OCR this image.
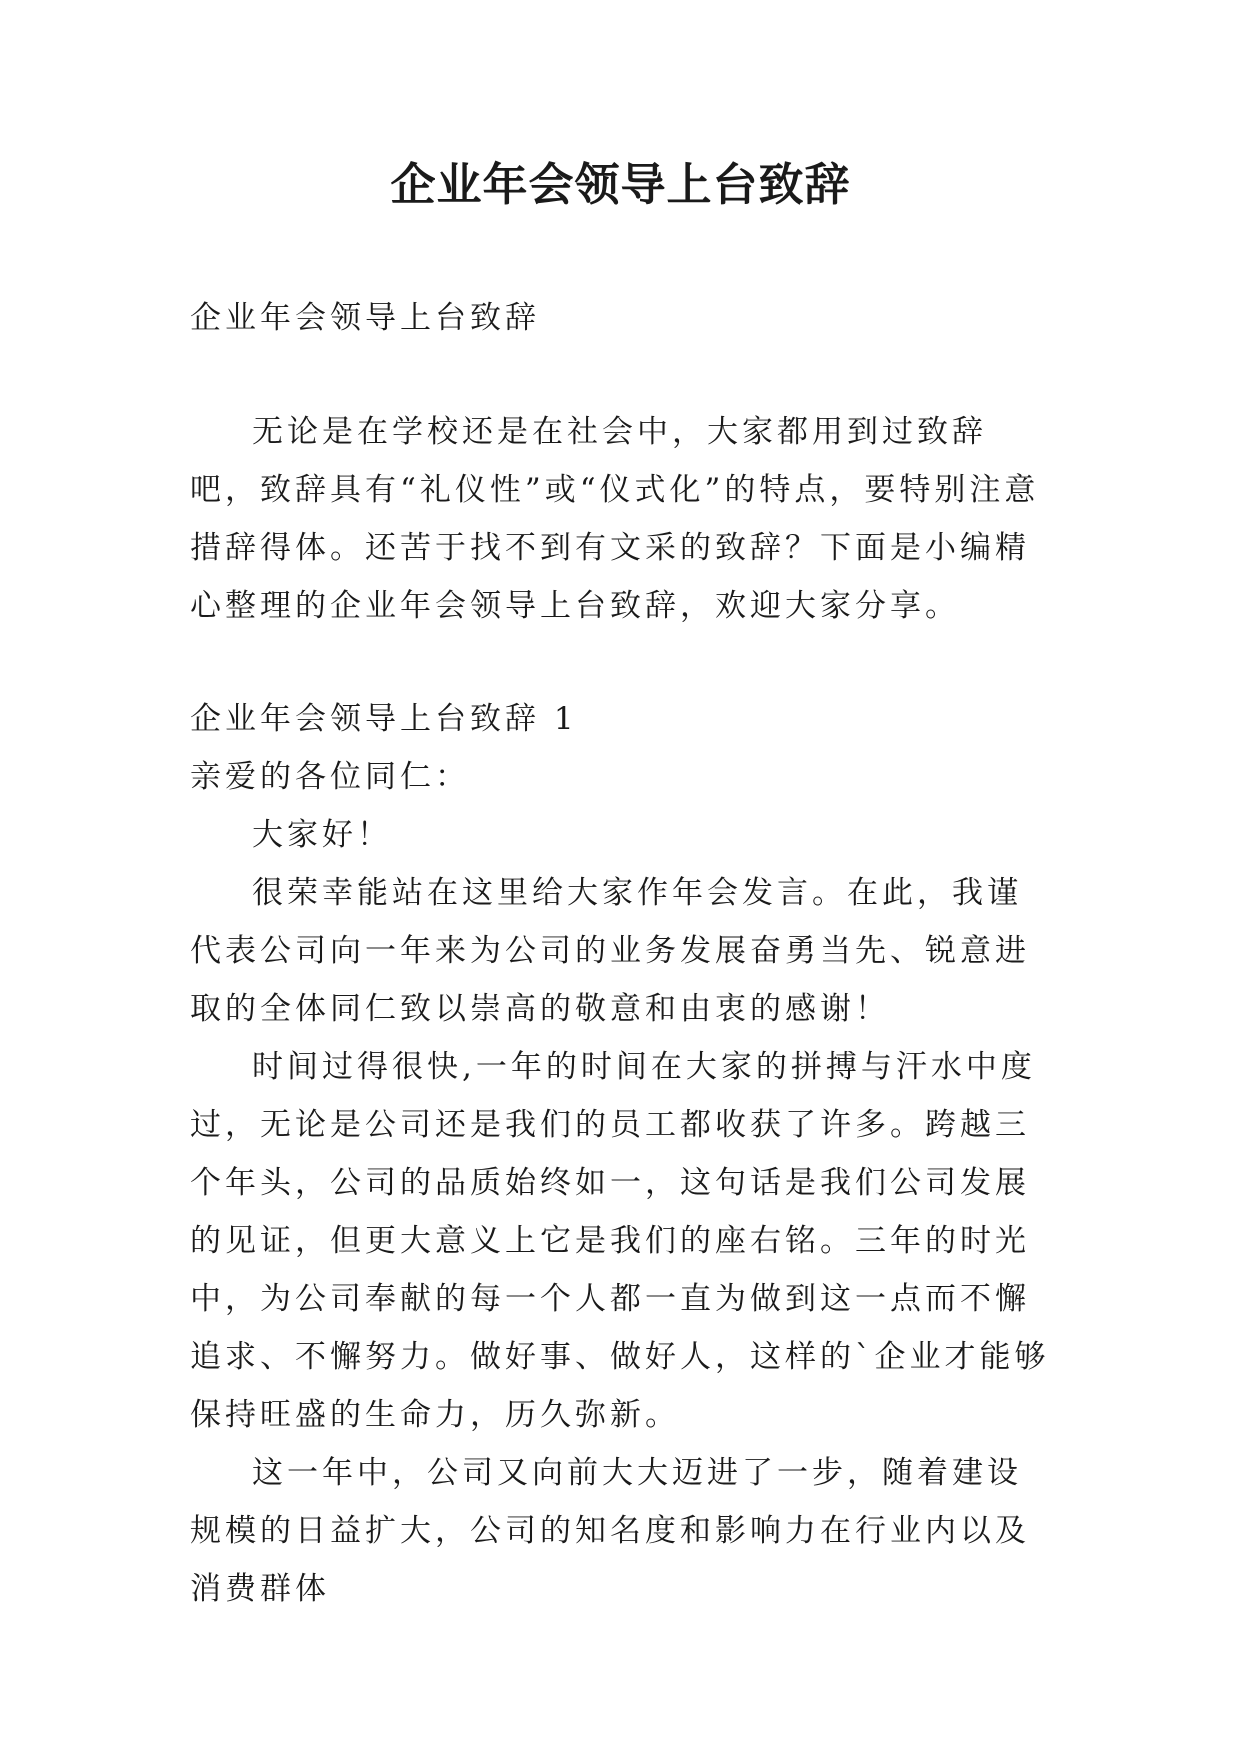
企业年会领导上台致辞

企业年会领导上台致辞

无论是在学校还是在社会中，大家都用到过致辞吧，致辞具有“礼仪性”或“仪式化”的特点，要特别注意措辞得体。还苦于找不到有文采的致辞？下面是小编精心整理的企业年会领导上台致辞，欢迎大家分享。

企业年会领导上台致辞 1

亲爱的各位同仁：

大家好！

很荣幸能站在这里给大家作年会发言。在此，我谨代表公司向一年来为公司的业务发展奋勇当先、锐意进取的全体同仁致以崇高的敬意和由衷的感谢！

时间过得很快,一年的时间在大家的拼搏与汗水中度过，无论是公司还是我们的员工都收获了许多。跨越三个年头，公司的品质始终如一，这句话是我们公司发展的见证，但更大意义上它是我们的座右铭。三年的时光中，为公司奉献的每一个人都一直为做到这一点而不懈追求、不懈努力。做好事、做好人，这样的`企业才能够保持旺盛的生命力，历久弥新。

这一年中，公司又向前大大迈进了一步，随着建设规模的日益扩大，公司的知名度和影响力在行业内以及消费群体
